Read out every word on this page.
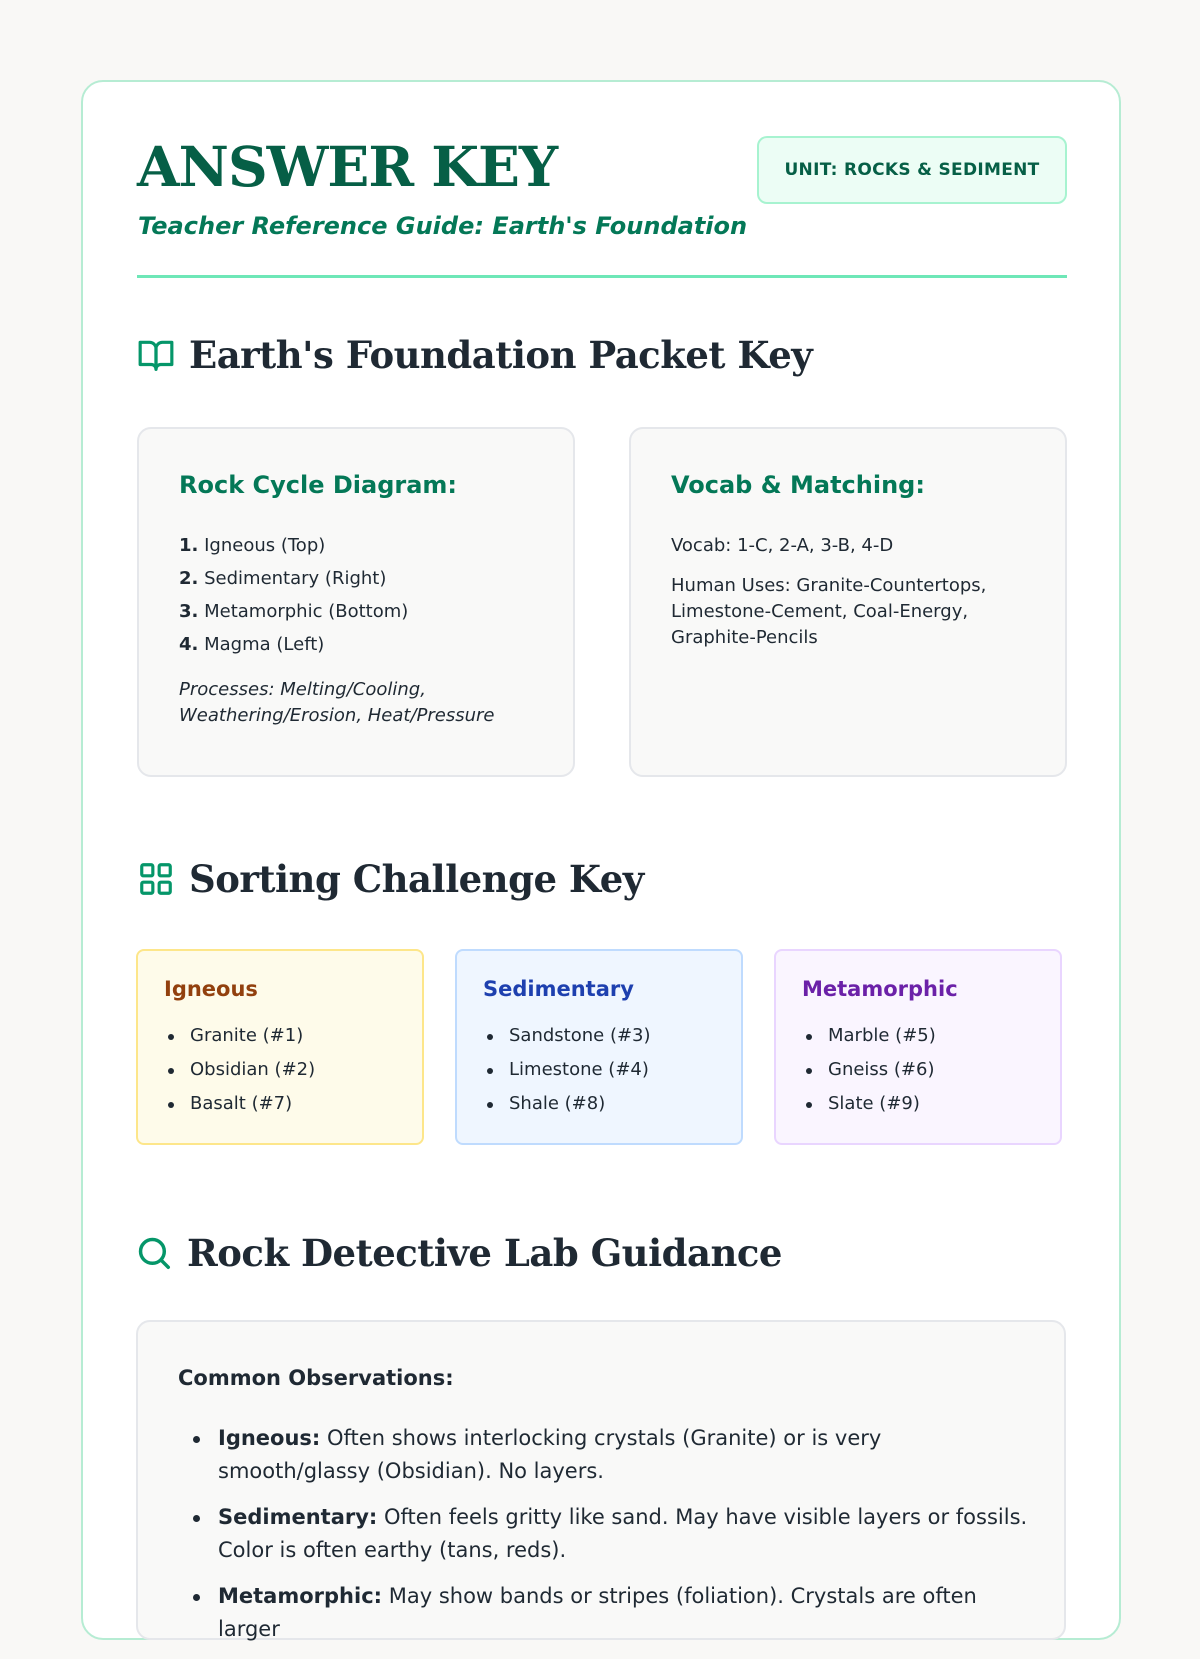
ANSWER KEY
Teacher Reference Guide: Earth's Foundation
UNIT: ROCKS & SEDIMENT
Earth's Foundation Packet Key
Rock Cycle Diagram:
1. Igneous (Top)
2. Sedimentary (Right)
3. Metamorphic (Bottom)
4. Magma (Left)
Processes: Melting/Cooling, Weathering/Erosion, Heat/Pressure
Vocab & Matching:
Vocab: 1-C, 2-A, 3-B, 4-D
Human Uses: Granite-Countertops, Limestone-Cement, Coal-Energy, Graphite-Pencils
Sorting Challenge Key
Igneous
Granite (#1)
Obsidian (#2)
Basalt (#7)
Sedimentary
Sandstone (#3)
Limestone (#4)
Shale (#8)
Metamorphic
Marble (#5)
Gneiss (#6)
Slate (#9)
Rock Detective Lab Guidance
Common Observations:
Igneous: Often shows interlocking crystals (Granite) or is very smooth/glassy (Obsidian). No layers.
Sedimentary: Often feels gritty like sand. May have visible layers or fossils. Color is often earthy (tans, reds).
Metamorphic: May show bands or stripes (foliation). Crystals are often larger
